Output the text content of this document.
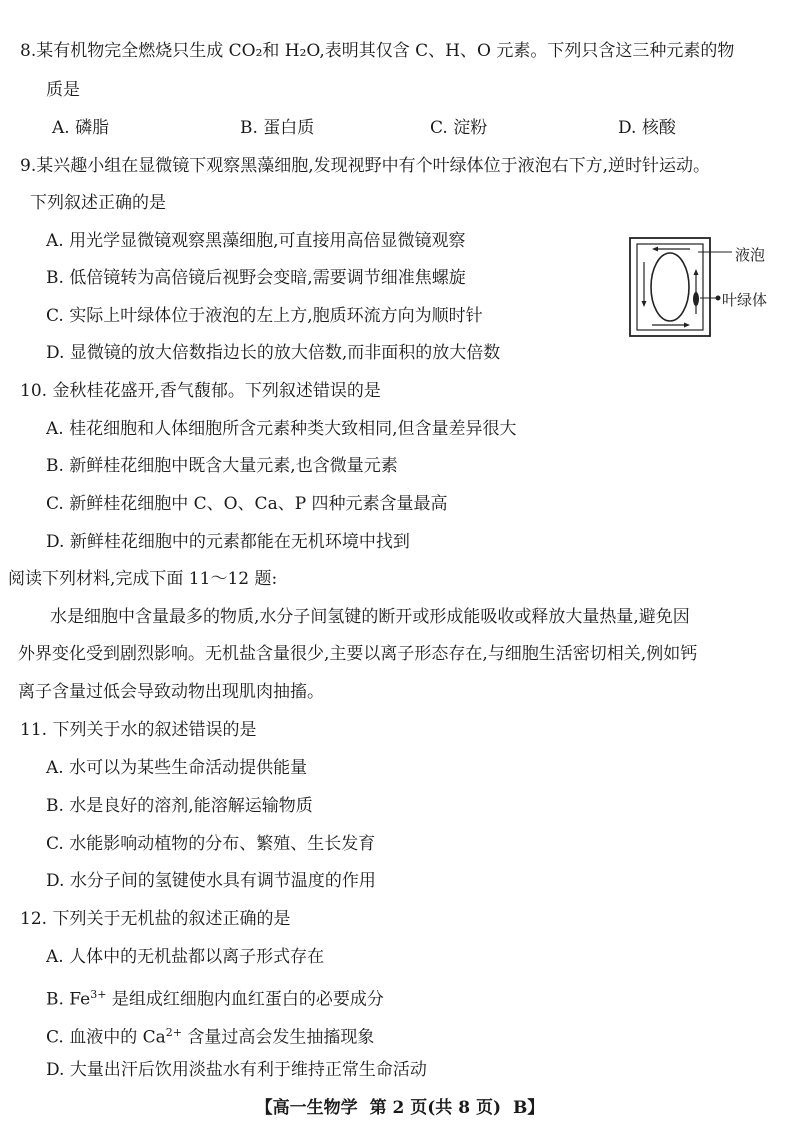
8.某有机物完全燃烧只生成 CO₂和 H₂O,表明其仅含 C、H、O 元素。下列只含这三种元素的物
质是
A. 磷脂	B. 蛋白质	C. 淀粉	D. 核酸
9.某兴趣小组在显微镜下观察黑藻细胞,发现视野中有个叶绿体位于液泡右下方,逆时针运动。
下列叙述正确的是
A. 用光学显微镜观察黑藻细胞,可直接用高倍显微镜观察
B. 低倍镜转为高倍镜后视野会变暗,需要调节细准焦螺旋
C. 实际上叶绿体位于液泡的左上方,胞质环流方向为顺时针
D. 显微镜的放大倍数指边长的放大倍数,而非面积的放大倍数
液泡
叶绿体
10. 金秋桂花盛开,香气馥郁。下列叙述错误的是
A. 桂花细胞和人体细胞所含元素种类大致相同,但含量差异很大
B. 新鲜桂花细胞中既含大量元素,也含微量元素
C. 新鲜桂花细胞中 C、O、Ca、P 四种元素含量最高
D. 新鲜桂花细胞中的元素都能在无机环境中找到
阅读下列材料,完成下面 11～12 题:
水是细胞中含量最多的物质,水分子间氢键的断开或形成能吸收或释放大量热量,避免因
外界变化受到剧烈影响。无机盐含量很少,主要以离子形态存在,与细胞生活密切相关,例如钙
离子含量过低会导致动物出现肌肉抽搐。
11. 下列关于水的叙述错误的是
A. 水可以为某些生命活动提供能量
B. 水是良好的溶剂,能溶解运输物质
C. 水能影响动植物的分布、繁殖、生长发育
D. 水分子间的氢键使水具有调节温度的作用
12. 下列关于无机盐的叙述正确的是
A. 人体中的无机盐都以离子形式存在
B. $Fe^{3+}$ 是组成红细胞内血红蛋白的必要成分
C. 血液中的 $Ca^{2+}$ 含量过高会发生抽搐现象
D. 大量出汗后饮用淡盐水有利于维持正常生命活动
【高一生物学 第 2 页(共 8 页) B】
